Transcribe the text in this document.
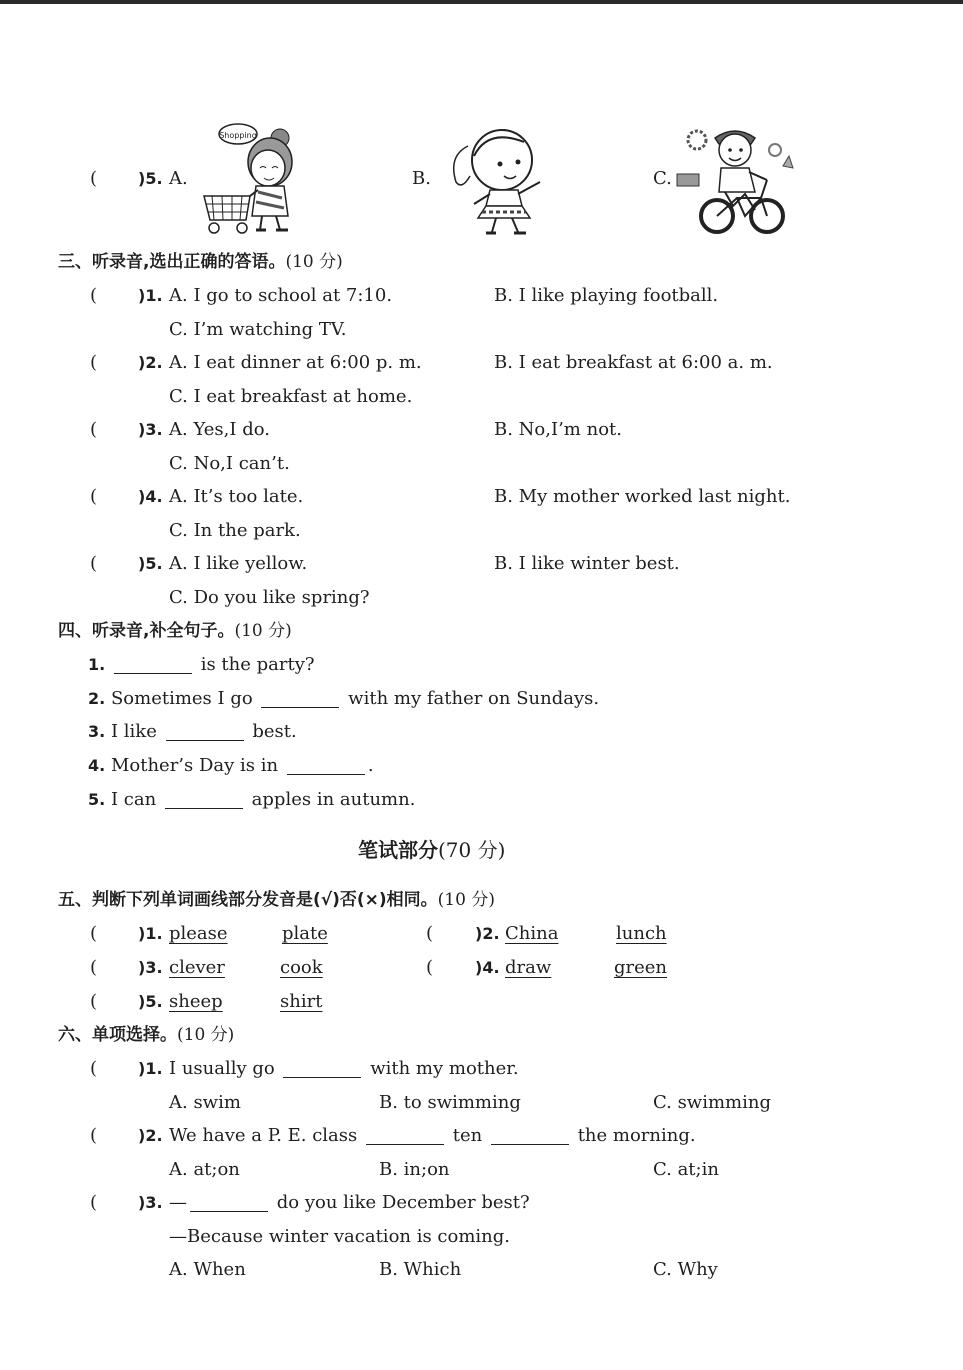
(	)5. A.	B.	C.
Shopping
三、听录音,选出正确的答语。(10 分)
(	)1. A. I go to school at 7:10.	B. I like playing football.
C. I’m watching TV.
(	)2. A. I eat dinner at 6:00 p. m.	B. I eat breakfast at 6:00 a. m.
C. I eat breakfast at home.
(	)3. A. Yes,I do.	B. No,I’m not.
C. No,I can’t.
(	)4. A. It’s too late.	B. My mother worked last night.
C. In the park.
(	)5. A. I like yellow.	B. I like winter best.
C. Do you like spring?
四、听录音,补全句子。(10 分)
1.	is the party?
2. Sometimes I go	with my father on Sundays.
3. I like	best.
4. Mother’s Day is in	.
5. I can	apples in autumn.
笔试部分(70 分)
五、判断下列单词画线部分发音是(√)否(×)相同。(10 分)
(	)1. please	plate	(	)2. China	lunch
(	)3. clever	cook	(	)4. draw	green
(	)5. sheep	shirt
六、单项选择。(10 分)
(	)1. I usually go	with my mother.
A. swim	B. to swimming	C. swimming
(	)2. We have a P. E. class	ten	the morning.
A. at;on	B. in;on	C. at;in
(	)3. —	do you like December best?
—Because winter vacation is coming.
A. When	B. Which	C. Why
